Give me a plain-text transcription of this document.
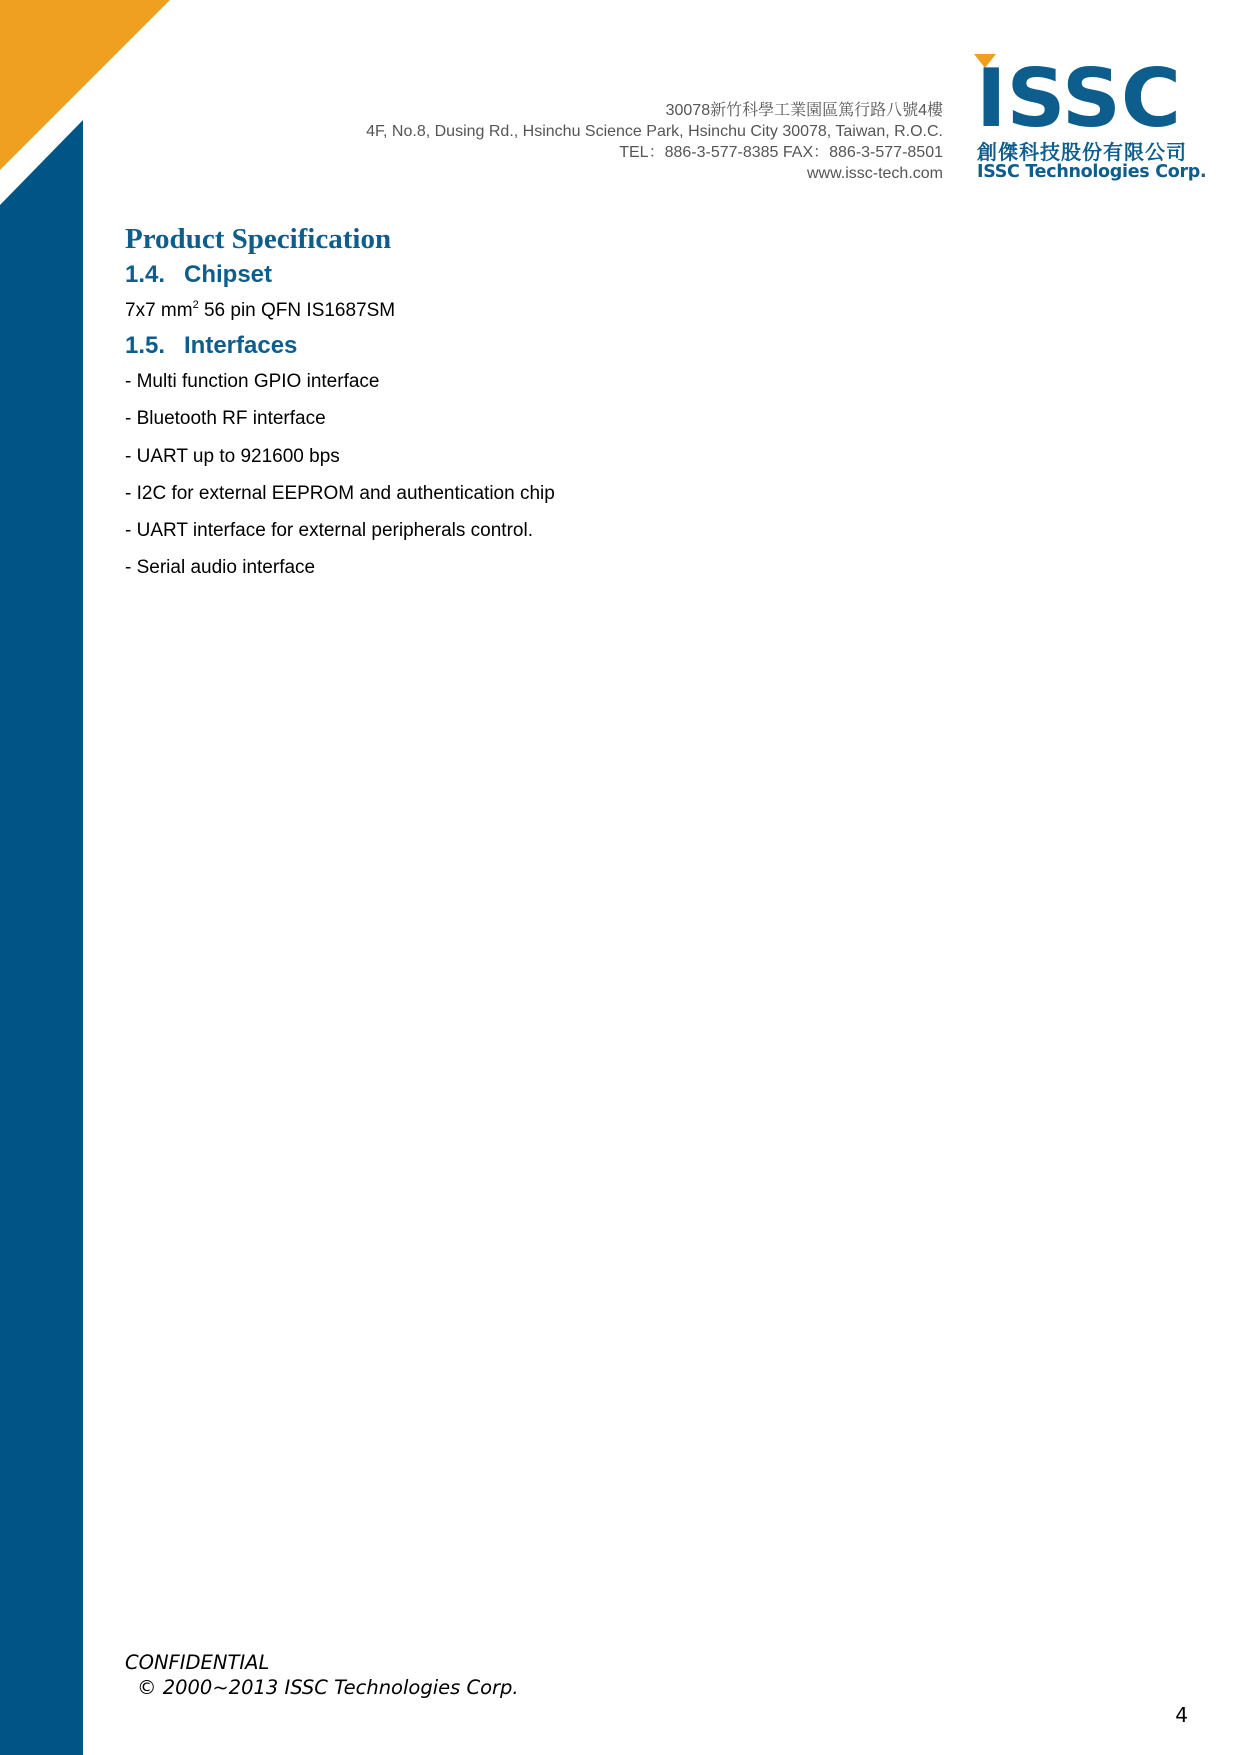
30078新竹科學工業園區篤行路八號4樓
4F, No.8, Dusing Rd., Hsinchu Science Park, Hsinchu City 30078, Taiwan, R.O.C.
TEL：886-3-577-8385 FAX：886-3-577-8501
www.issc-tech.com
ISSC
創傑科技股份有限公司
ISSC Technologies Corp.
Product Specification
1.4. Chipset
7x7 $mm^2$ 56 pin QFN IS1687SM
1.5. Interfaces
- Multi function GPIO interface
- Bluetooth RF interface
- UART up to 921600 bps
- I2C for external EEPROM and authentication chip
- UART interface for external peripherals control.
- Serial audio interface
CONFIDENTIAL
© 2000~2013 ISSC Technologies Corp.
4
